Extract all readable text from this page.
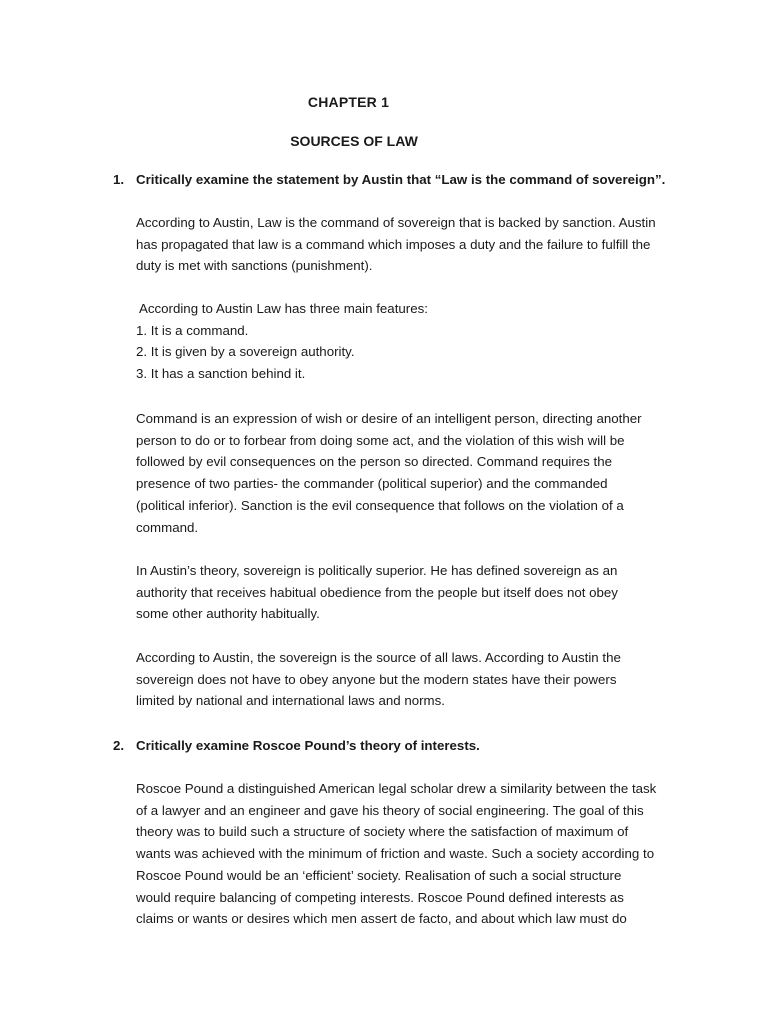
CHAPTER 1
SOURCES OF LAW
1. Critically examine the statement by Austin that “Law is the command of sovereign”.
According to Austin, Law is the command of sovereign that is backed by sanction. Austin
has propagated that law is a command which imposes a duty and the failure to fulfill the
duty is met with sanctions (punishment).
According to Austin Law has three main features:
1. It is a command.
2. It is given by a sovereign authority.
3. It has a sanction behind it.
Command is an expression of wish or desire of an intelligent person, directing another
person to do or to forbear from doing some act, and the violation of this wish will be
followed by evil consequences on the person so directed. Command requires the
presence of two parties- the commander (political superior) and the commanded
(political inferior). Sanction is the evil consequence that follows on the violation of a
command.
In Austin’s theory, sovereign is politically superior. He has defined sovereign as an
authority that receives habitual obedience from the people but itself does not obey
some other authority habitually.
According to Austin, the sovereign is the source of all laws. According to Austin the
sovereign does not have to obey anyone but the modern states have their powers
limited by national and international laws and norms.
2. Critically examine Roscoe Pound’s theory of interests.
Roscoe Pound a distinguished American legal scholar drew a similarity between the task
of a lawyer and an engineer and gave his theory of social engineering. The goal of this
theory was to build such a structure of society where the satisfaction of maximum of
wants was achieved with the minimum of friction and waste. Such a society according to
Roscoe Pound would be an ‘efficient’ society. Realisation of such a social structure
would require balancing of competing interests. Roscoe Pound defined interests as
claims or wants or desires which men assert de facto, and about which law must do
